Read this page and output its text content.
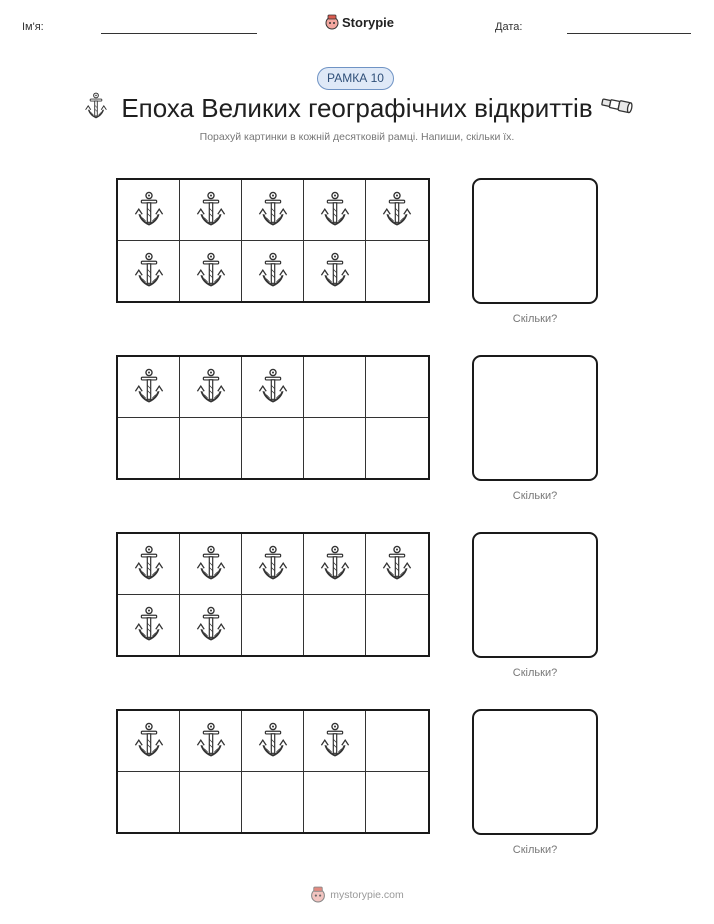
Ім'я:	Storypie	Дата:
РАМКА 10
Епоха Великих географічних відкриттів
Порахуй картинки в кожній десятковій рамці. Напиши, скільки їх.
Скільки?
Скільки?
Скільки?
Скільки?
mystorypie.com
